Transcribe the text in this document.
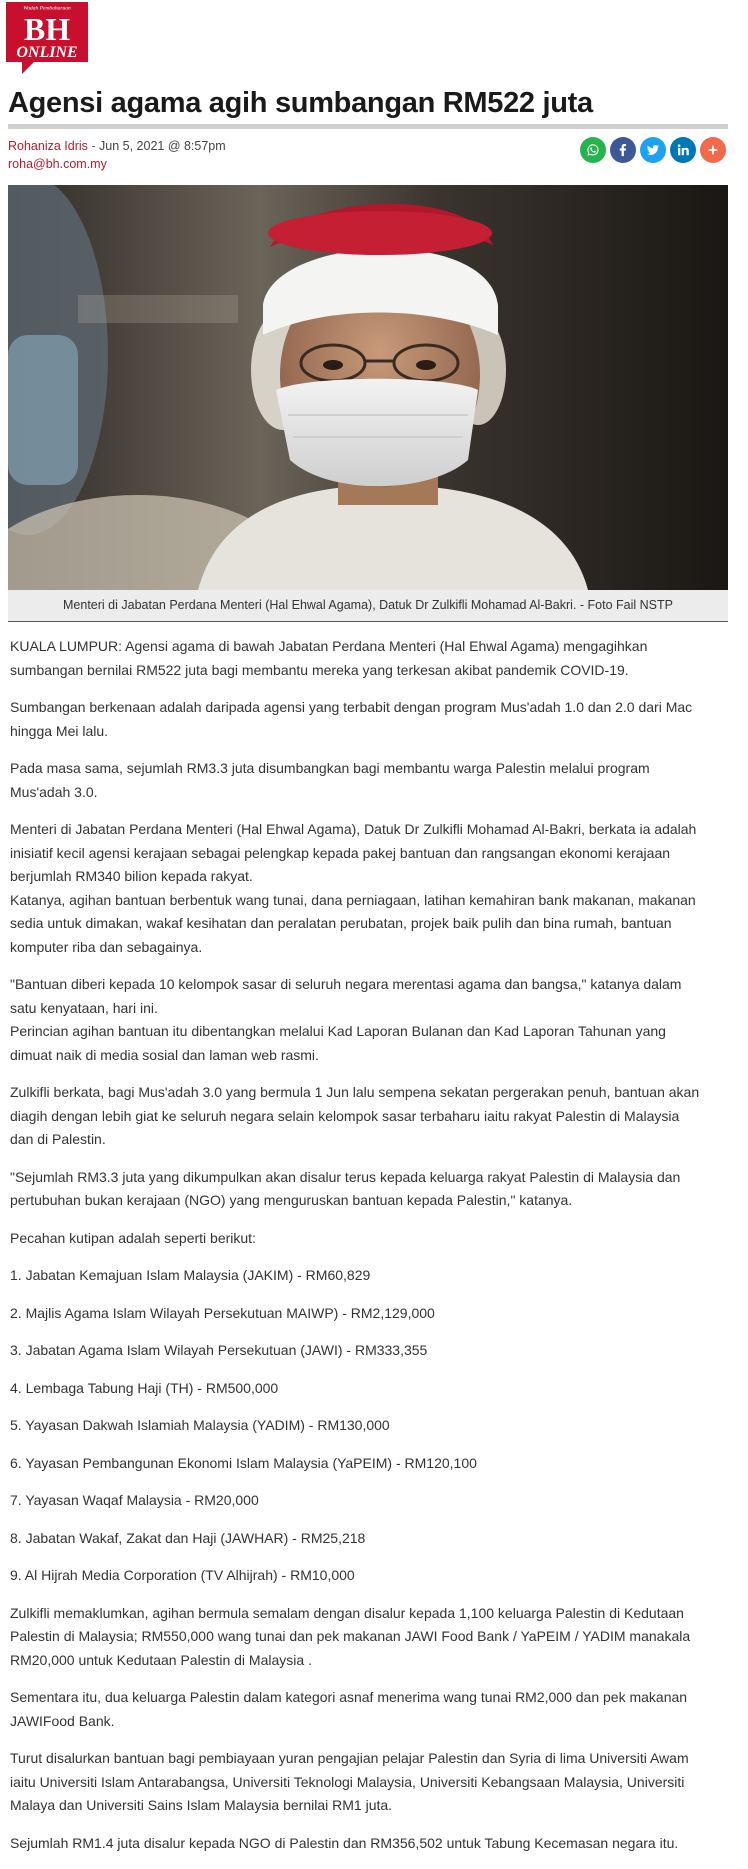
Wadah Pembaharuan
BH
ONLINE
Agensi agama agih sumbangan RM522 juta
Rohaniza Idris - Jun 5, 2021 @ 8:57pm
roha@bh.com.my
Menteri di Jabatan Perdana Menteri (Hal Ehwal Agama), Datuk Dr Zulkifli Mohamad Al-Bakri. - Foto Fail NSTP

KUALA LUMPUR: Agensi agama di bawah Jabatan Perdana Menteri (Hal Ehwal Agama) mengagihkan sumbangan bernilai RM522 juta bagi membantu mereka yang terkesan akibat pandemik COVID-19.

Sumbangan berkenaan adalah daripada agensi yang terbabit dengan program Mus'adah 1.0 dan 2.0 dari Mac hingga Mei lalu.

Pada masa sama, sejumlah RM3.3 juta disumbangkan bagi membantu warga Palestin melalui program Mus'adah 3.0.

Menteri di Jabatan Perdana Menteri (Hal Ehwal Agama), Datuk Dr Zulkifli Mohamad Al-Bakri, berkata ia adalah inisiatif kecil agensi kerajaan sebagai pelengkap kepada pakej bantuan dan rangsangan ekonomi kerajaan berjumlah RM340 bilion kepada rakyat.

Katanya, agihan bantuan berbentuk wang tunai, dana perniagaan, latihan kemahiran bank makanan, makanan sedia untuk dimakan, wakaf kesihatan dan peralatan perubatan, projek baik pulih dan bina rumah, bantuan komputer riba dan sebagainya.

"Bantuan diberi kepada 10 kelompok sasar di seluruh negara merentasi agama dan bangsa," katanya dalam satu kenyataan, hari ini.

Perincian agihan bantuan itu dibentangkan melalui Kad Laporan Bulanan dan Kad Laporan Tahunan yang dimuat naik di media sosial dan laman web rasmi.

Zulkifli berkata, bagi Mus'adah 3.0 yang bermula 1 Jun lalu sempena sekatan pergerakan penuh, bantuan akan diagih dengan lebih giat ke seluruh negara selain kelompok sasar terbaharu iaitu rakyat Palestin di Malaysia dan di Palestin.

"Sejumlah RM3.3 juta yang dikumpulkan akan disalur terus kepada keluarga rakyat Palestin di Malaysia dan pertubuhan bukan kerajaan (NGO) yang menguruskan bantuan kepada Palestin," katanya.

Pecahan kutipan adalah seperti berikut:

1. Jabatan Kemajuan Islam Malaysia (JAKIM) - RM60,829

2. Majlis Agama Islam Wilayah Persekutuan MAIWP) - RM2,129,000

3. Jabatan Agama Islam Wilayah Persekutuan (JAWI) - RM333,355

4. Lembaga Tabung Haji (TH) - RM500,000

5. Yayasan Dakwah Islamiah Malaysia (YADIM) - RM130,000

6. Yayasan Pembangunan Ekonomi Islam Malaysia (YaPEIM) - RM120,100

7. Yayasan Waqaf Malaysia - RM20,000

8. Jabatan Wakaf, Zakat dan Haji (JAWHAR) - RM25,218

9. Al Hijrah Media Corporation (TV Alhijrah) - RM10,000

Zulkifli memaklumkan, agihan bermula semalam dengan disalur kepada 1,100 keluarga Palestin di Kedutaan Palestin di Malaysia; RM550,000 wang tunai dan pek makanan JAWI Food Bank / YaPEIM / YADIM manakala RM20,000 untuk Kedutaan Palestin di Malaysia .

Sementara itu, dua keluarga Palestin dalam kategori asnaf menerima wang tunai RM2,000 dan pek makanan JAWIFood Bank.

Turut disalurkan bantuan bagi pembiayaan yuran pengajian pelajar Palestin dan Syria di lima Universiti Awam iaitu Universiti Islam Antarabangsa, Universiti Teknologi Malaysia, Universiti Kebangsaan Malaysia, Universiti Malaya dan Universiti Sains Islam Malaysia bernilai RM1 juta.

Sejumlah RM1.4 juta disalur kepada NGO di Palestin dan RM356,502 untuk Tabung Kecemasan negara itu.
